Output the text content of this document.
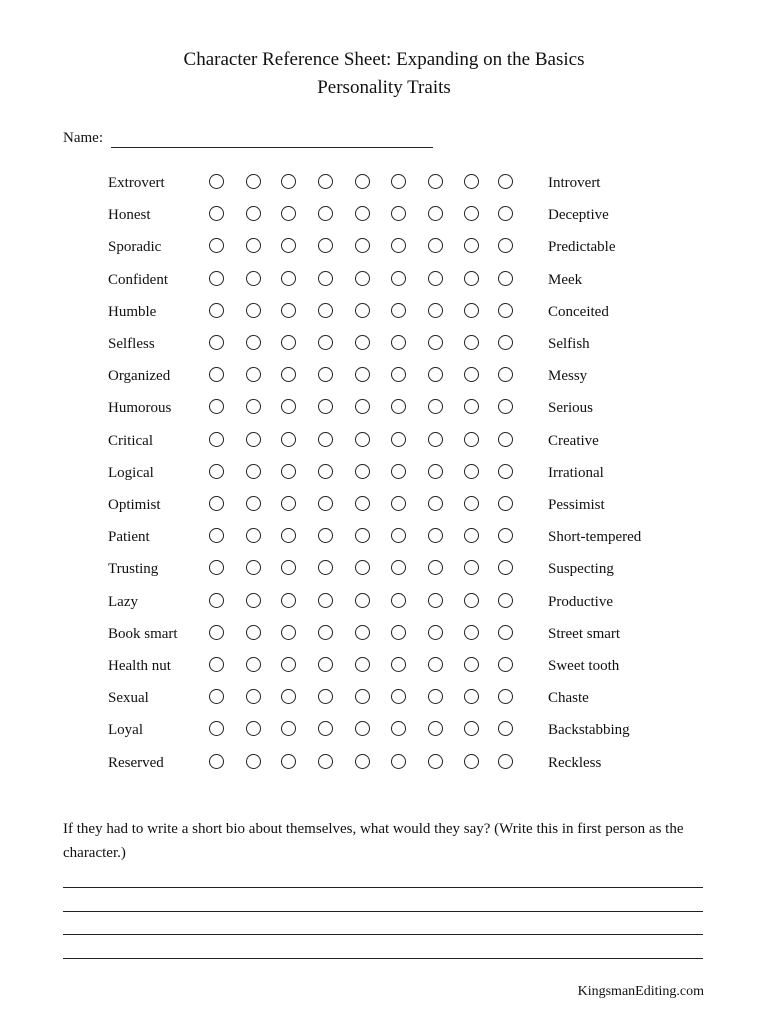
Character Reference Sheet: Expanding on the Basics
Personality Traits
Name:
Extrovert	Introvert
Honest	Deceptive
Sporadic	Predictable
Confident	Meek
Humble	Conceited
Selfless	Selfish
Organized	Messy
Humorous	Serious
Critical	Creative
Logical	Irrational
Optimist	Pessimist
Patient	Short-tempered
Trusting	Suspecting
Lazy	Productive
Book smart	Street smart
Health nut	Sweet tooth
Sexual	Chaste
Loyal	Backstabbing
Reserved	Reckless
If they had to write a short bio about themselves, what would they say? (Write this in first person as the character.)
KingsmanEditing.com
